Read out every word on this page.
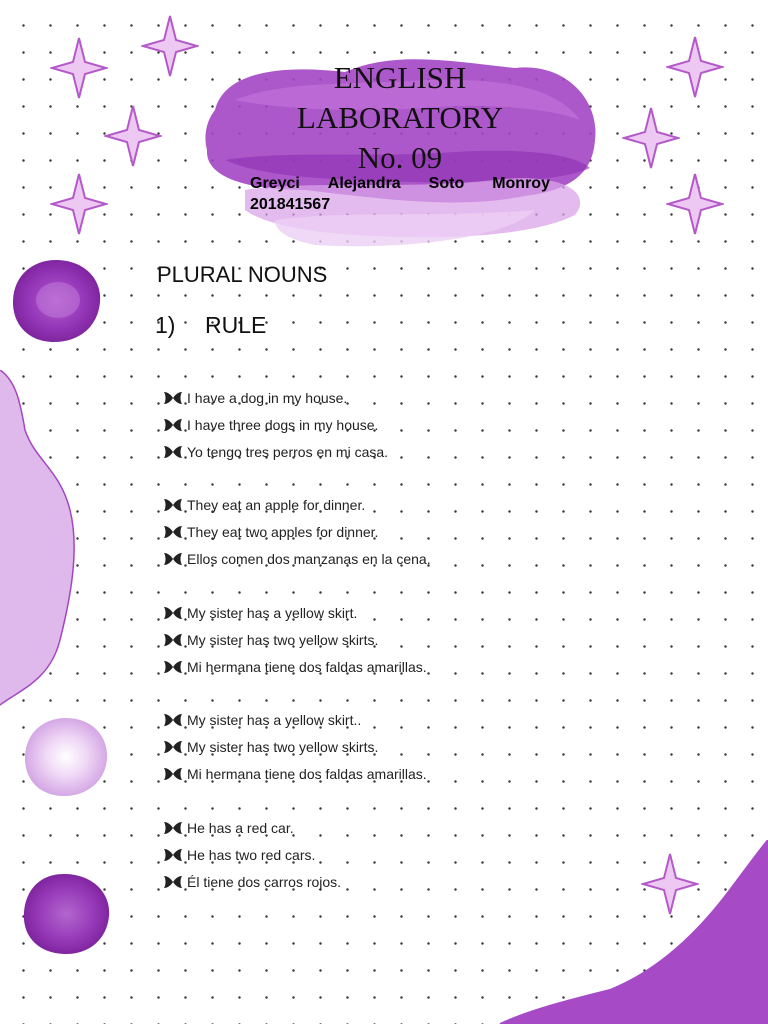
ENGLISH
LABORATORY
No. 09
Greyci Alejandra Soto Monroy
201841567
PLURAL NOUNS
1)	RULE
I have a dog in my house.
I have three dogs in my house.
Yo tengo tres perros en mi casa.
They eat an apple for dinner.
They eat two apples for dinner.
Ellos comen dos manzanas en la cena.
My sister has a yellow skirt.
My sister has two yellow skirts.
Mi hermana tiene dos faldas amarillas.
My sister has a yellow skirt..
My sister has two yellow skirts.
Mi hermana tiene dos faldas amarillas.
He has a red car.
He has two red cars.
Él tiene dos carros rojos.
